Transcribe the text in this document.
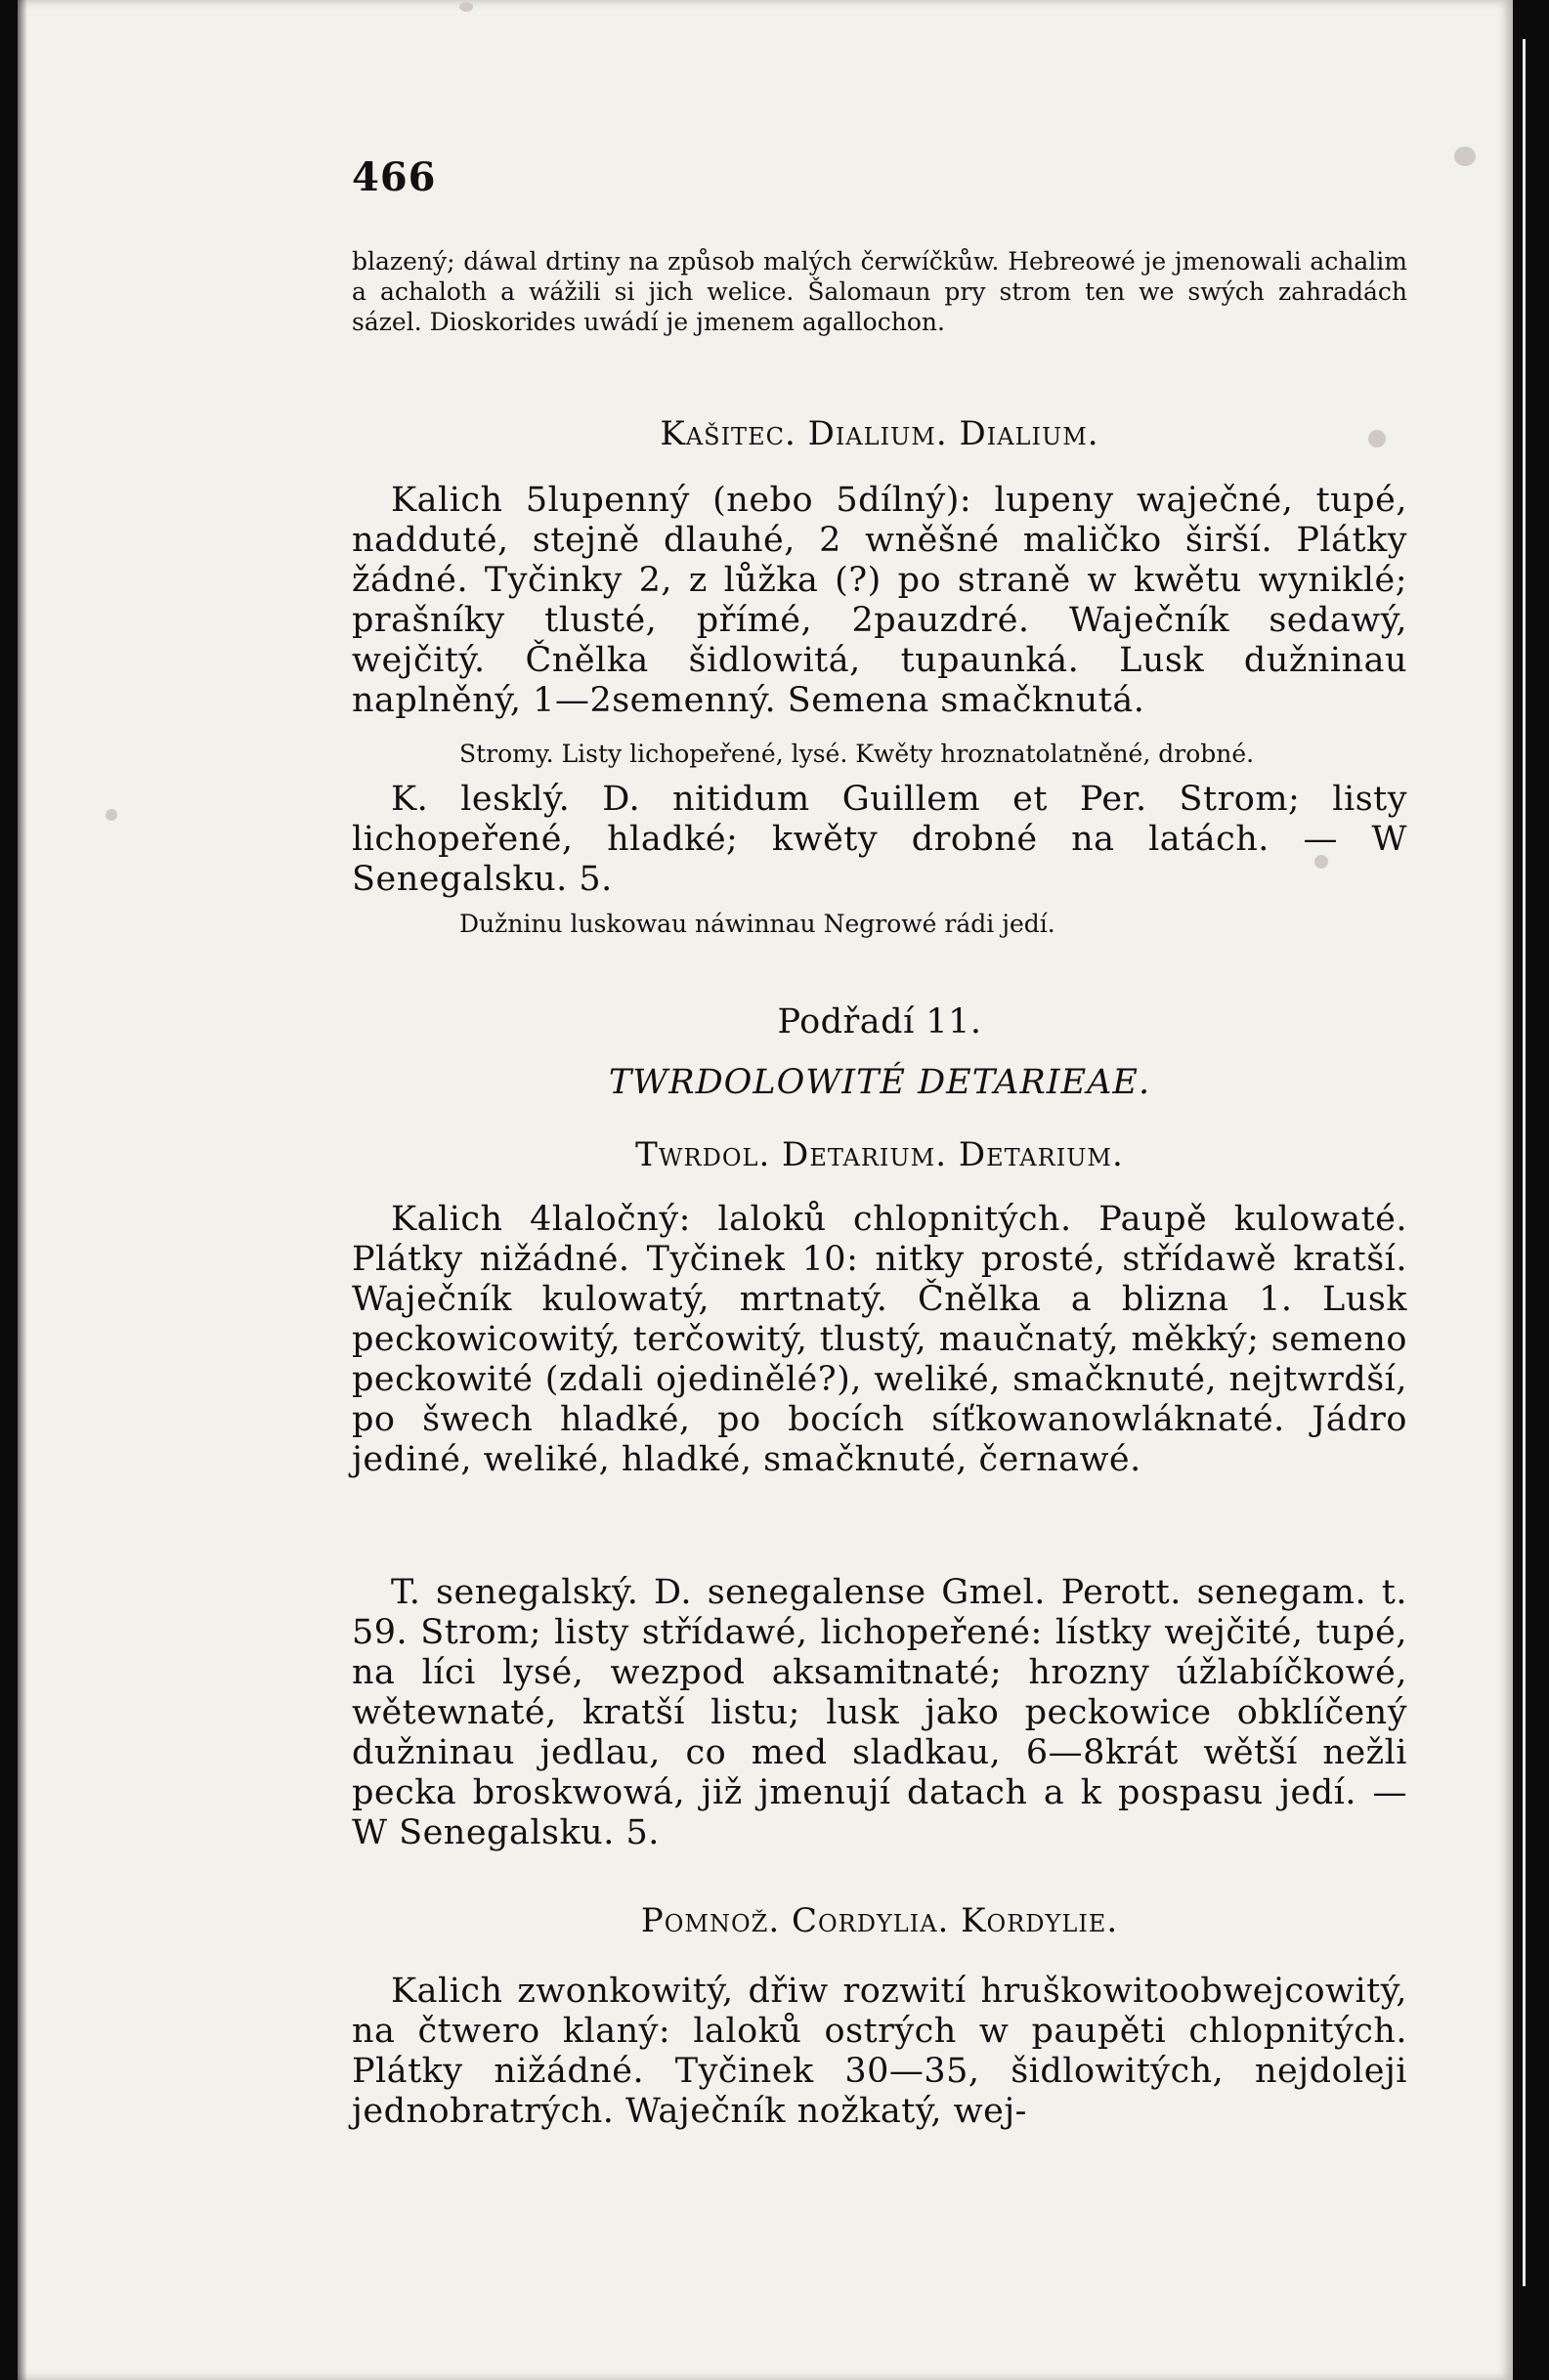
466
blazený; dáwal drtiny na způsob malých čerwíčkůw. Hebreowé je jmenowali achalim a achaloth a wážili si jich welice. Šalomaun pry strom ten we swých zahradách sázel. Dioskorides uwádí je jmenem agallochon.
Kašitec. Dialium. Dialium.
Kalich 5lupenný (nebo 5dílný): lupeny waječné, tupé, nadduté, stejně dlauhé, 2 wněšné maličko širší. Plátky žádné. Tyčinky 2, z lůžka (?) po straně w kwětu wyniklé; prašníky tlusté, přímé, 2pauzdré. Waječník sedawý, wejčitý. Čnělka šidlowitá, tupaunká. Lusk dužninau naplněný, 1—2semenný. Semena smačknutá.
Stromy. Listy lichopeřené, lysé. Kwěty hroznatolatněné, drobné.
K. lesklý. D. nitidum Guillem et Per. Strom; listy lichopeřené, hladké; kwěty drobné na latách. — W Senegalsku. 5.
Dužninu luskowau náwinnau Negrowé rádi jedí.
Podřadí 11.
TWRDOLOWITÉ DETARIEAE.
Twrdol. Detarium. Detarium.
Kalich 4laločný: laloků chlopnitých. Paupě kulowaté. Plátky nižádné. Tyčinek 10: nitky prosté, střídawě kratší. Waječník kulowatý, mrtnatý. Čnělka a blizna 1. Lusk peckowicowitý, terčowitý, tlustý, maučnatý, měkký; semeno peckowité (zdali ojedinělé?), weliké, smačknuté, nejtwrdší, po šwech hladké, po bocích síťkowanowláknaté. Jádro jediné, weliké, hladké, smačknuté, černawé.
T. senegalský. D. senegalense Gmel. Perott. senegam. t. 59. Strom; listy střídawé, lichopeřené: lístky wejčité, tupé, na líci lysé, wezpod aksamitnaté; hrozny úžlabíčkowé, wětewnaté, kratší listu; lusk jako peckowice obklíčený dužninau jedlau, co med sladkau, 6—8krát wětší nežli pecka broskwowá, již jmenují datach a k pospasu jedí. — W Senegalsku. 5.
Pomnož. Cordylia. Kordylie.
Kalich zwonkowitý, dřiw rozwití hruškowitoobwejcowitý, na čtwero klaný: laloků ostrých w paupěti chlopnitých. Plátky nižádné. Tyčinek 30—35, šidlowitých, nejdoleji jednobratrých. Waječník nožkatý, wej-
